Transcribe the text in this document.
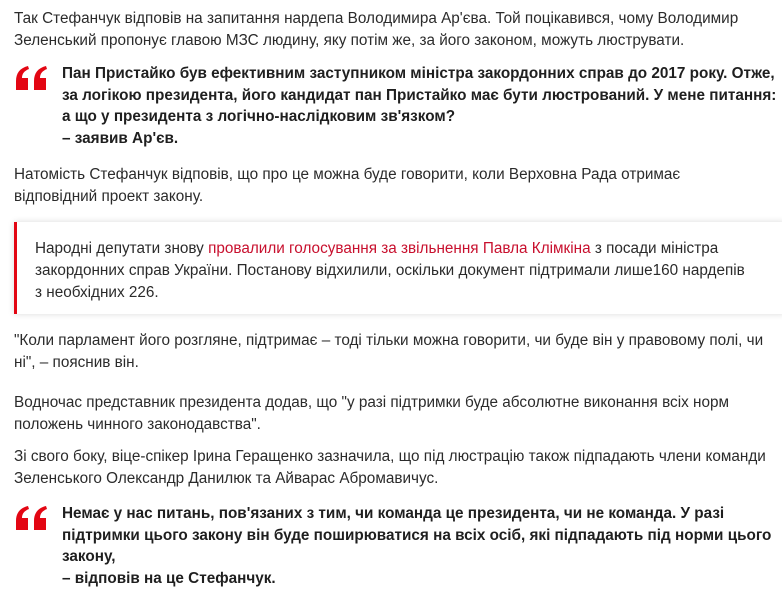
Так Стефанчук відповів на запитання нардепа Володимира Ар'єва. Той поцікавився, чому Володимир Зеленський пропонує главою МЗС людину, яку потім же, за його законом, можуть люструвати.

Пан Пристайко був ефективним заступником міністра закордонних справ до 2017 року. Отже, за логікою президента, його кандидат пан Пристайко має бути люстрований. У мене питання: а що у президента з логічно-наслідковим зв'язком?
– заявив Ар'єв.

Натомість Стефанчук відповів, що про це можна буде говорити, коли Верховна Рада отримає відповідний проект закону.

Народні депутати знову провалили голосування за звільнення Павла Клімкіна з посади міністра закордонних справ України. Постанову відхилили, оскільки документ підтримали лише160 нардепів з необхідних 226.

"Коли парламент його розгляне, підтримає – тоді тільки можна говорити, чи буде він у правовому полі, чи ні", – пояснив він.

Водночас представник президента додав, що "у разі підтримки буде абсолютне виконання всіх норм положень чинного законодавства".

Зі свого боку, віце-спікер Ірина Геращенко зазначила, що під люстрацію також підпадають члени команди Зеленського Олександр Данилюк та Айварас Абромавичус.

Немає у нас питань, пов'язаних з тим, чи команда це президента, чи не команда. У разі підтримки цього закону він буде поширюватися на всіх осіб, які підпадають під норми цього закону,
– відповів на це Стефанчук.
